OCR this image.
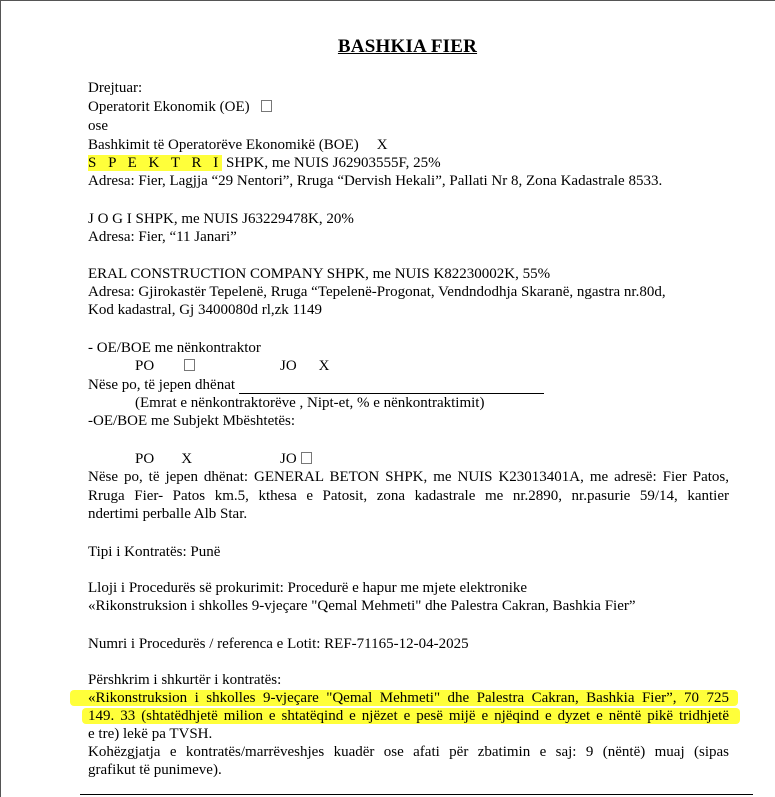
BASHKIA FIER
Drejtuar:
Operatorit Ekonomik (OE)
ose
Bashkimit të Operatorëve Ekonomikë (BOE) X
S P E K T R I SHPK, me NUIS J62903555F, 25%
Adresa: Fier, Lagjja “29 Nentori”, Rruga “Dervish Hekali”, Pallati Nr 8, Zona Kadastrale 8533.
J O G I SHPK, me NUIS J63229478K, 20%
Adresa: Fier, “11 Janari”
ERAL CONSTRUCTION COMPANY SHPK, me NUIS K82230002K, 55%
Adresa: Gjirokastër Tepelenë, Rruga “Tepelenë-Progonat, Vendndodhja Skaranë, ngastra nr.80d,
Kod kadastral, Gj 3400080d rl,zk 1149
- OE/BOE me nënkontraktor
PO	JO X
Nëse po, të jepen dhënat
(Emrat e nënkontraktorëve , Nipt-et, % e nënkontraktimit)
-OE/BOE me Subjekt Mbështetës:
PO X	JO
Nëse po, të jepen dhënat: GENERAL BETON SHPK, me NUIS K23013401A, me adresë: Fier Patos,
Rruga Fier- Patos km.5, kthesa e Patosit, zona kadastrale me nr.2890, nr.pasurie 59/14, kantier
ndertimi perballe Alb Star.
Tipi i Kontratës: Punë
Lloji i Procedurës së prokurimit: Procedurë e hapur me mjete elektronike
«Rikonstruksion i shkolles 9-vjeçare "Qemal Mehmeti" dhe Palestra Cakran, Bashkia Fier”
Numri i Procedurës / referenca e Lotit: REF-71165-12-04-2025
Përshkrim i shkurtër i kontratës:
«Rikonstruksion i shkolles 9-vjeçare "Qemal Mehmeti" dhe Palestra Cakran, Bashkia Fier”, 70 725
149. 33 (shtatëdhjetë milion e shtatëqind e njëzet e pesë mijë e njëqind e dyzet e nëntë pikë tridhjetë
e tre) lekë pa TVSH.
Kohëzgjatja e kontratës/marrëveshjes kuadër ose afati për zbatimin e saj: 9 (nëntë) muaj (sipas
grafikut të punimeve).
